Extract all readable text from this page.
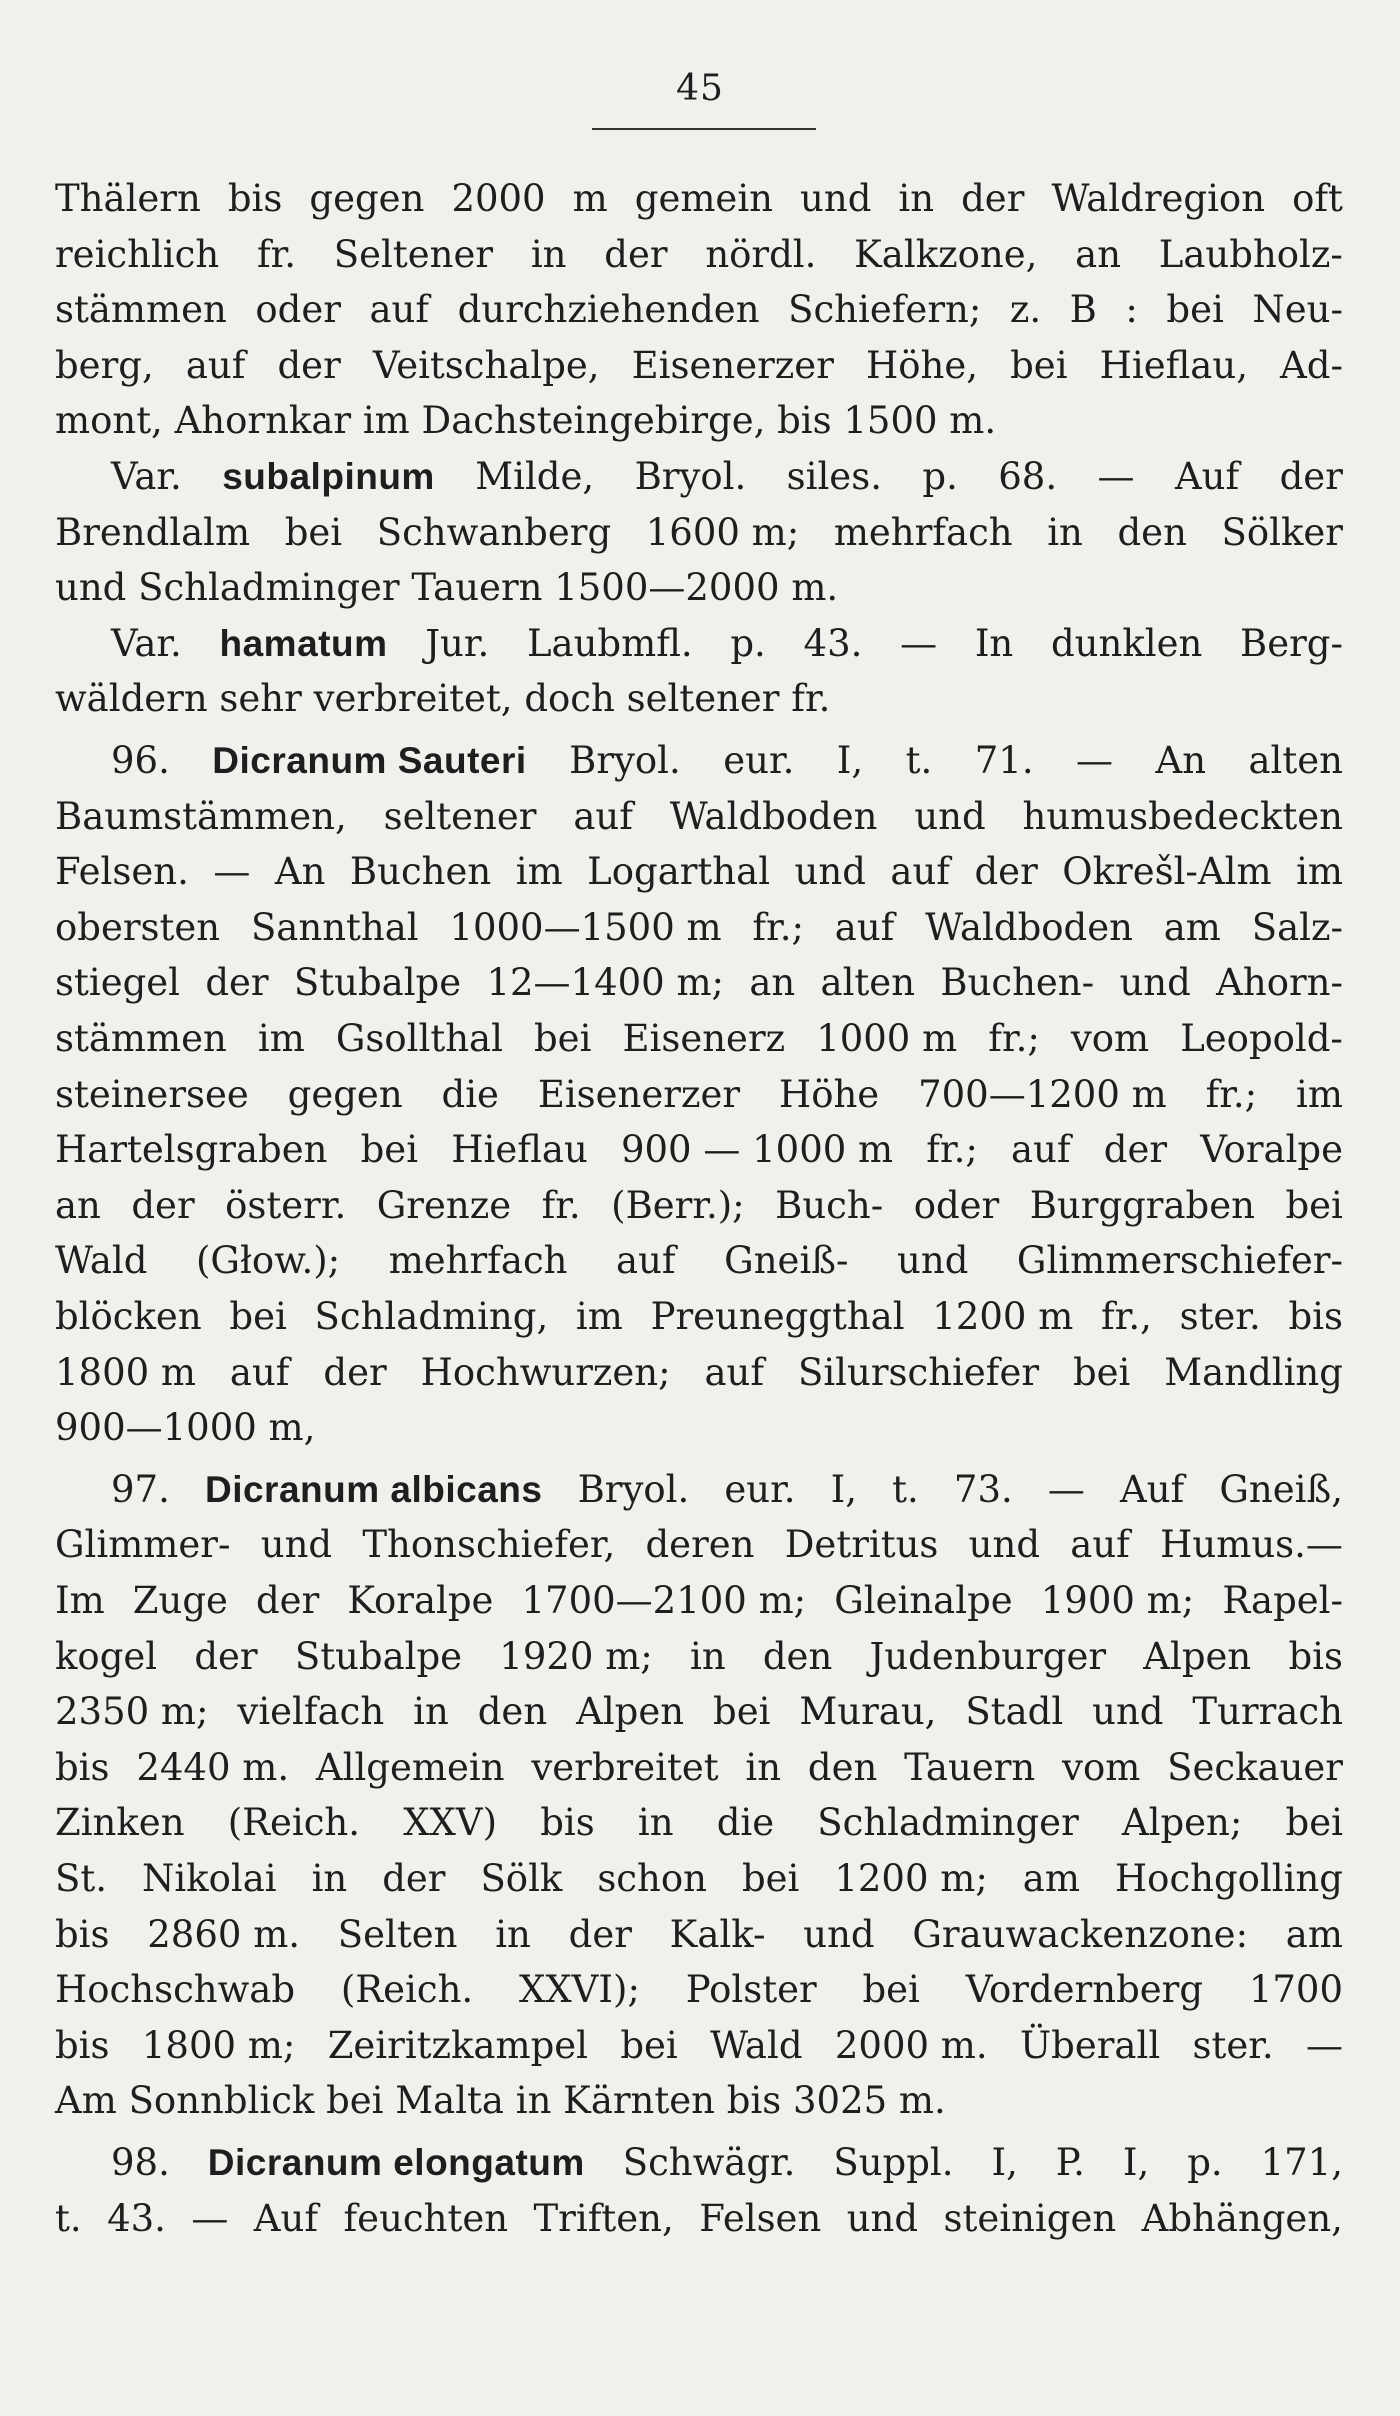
45
Thälern bis gegen 2000 m gemein und in der Waldregion oft
reichlich fr. Seltener in der nördl. Kalkzone, an Laubholz-
stämmen oder auf durchziehenden Schiefern; z. B : bei Neu-
berg, auf der Veitschalpe, Eisenerzer Höhe, bei Hieflau, Ad-
mont, Ahornkar im Dachsteingebirge, bis 1500 m.
Var. subalpinum Milde, Bryol. siles. p. 68. — Auf der
Brendlalm bei Schwanberg 1600 m; mehrfach in den Sölker
und Schladminger Tauern 1500—2000 m.
Var. hamatum Jur. Laubmfl. p. 43. — In dunklen Berg-
wäldern sehr verbreitet, doch seltener fr.
96. Dicranum Sauteri Bryol. eur. I, t. 71. — An alten
Baumstämmen, seltener auf Waldboden und humusbedeckten
Felsen. — An Buchen im Logarthal und auf der Okrešl-Alm im
obersten Sannthal 1000—1500 m fr.; auf Waldboden am Salz-
stiegel der Stubalpe 12—1400 m; an alten Buchen- und Ahorn-
stämmen im Gsollthal bei Eisenerz 1000 m fr.; vom Leopold-
steinersee gegen die Eisenerzer Höhe 700—1200 m fr.; im
Hartelsgraben bei Hieflau 900 — 1000 m fr.; auf der Voralpe
an der österr. Grenze fr. (Berr.); Buch- oder Burggraben bei
Wald (Głow.); mehrfach auf Gneiß- und Glimmerschiefer-
blöcken bei Schladming, im Preuneggthal 1200 m fr., ster. bis
1800 m auf der Hochwurzen; auf Silurschiefer bei Mandling
900—1000 m,
97. Dicranum albicans Bryol. eur. I, t. 73. — Auf Gneiß,
Glimmer- und Thonschiefer, deren Detritus und auf Humus.—
Im Zuge der Koralpe 1700—2100 m; Gleinalpe 1900 m; Rapel-
kogel der Stubalpe 1920 m; in den Judenburger Alpen bis
2350 m; vielfach in den Alpen bei Murau, Stadl und Turrach
bis 2440 m. Allgemein verbreitet in den Tauern vom Seckauer
Zinken (Reich. XXV) bis in die Schladminger Alpen; bei
St. Nikolai in der Sölk schon bei 1200 m; am Hochgolling
bis 2860 m. Selten in der Kalk- und Grauwackenzone: am
Hochschwab (Reich. XXVI); Polster bei Vordernberg 1700
bis 1800 m; Zeiritzkampel bei Wald 2000 m. Überall ster. —
Am Sonnblick bei Malta in Kärnten bis 3025 m.
98. Dicranum elongatum Schwägr. Suppl. I, P. I, p. 171,
t. 43. — Auf feuchten Triften, Felsen und steinigen Abhängen,
